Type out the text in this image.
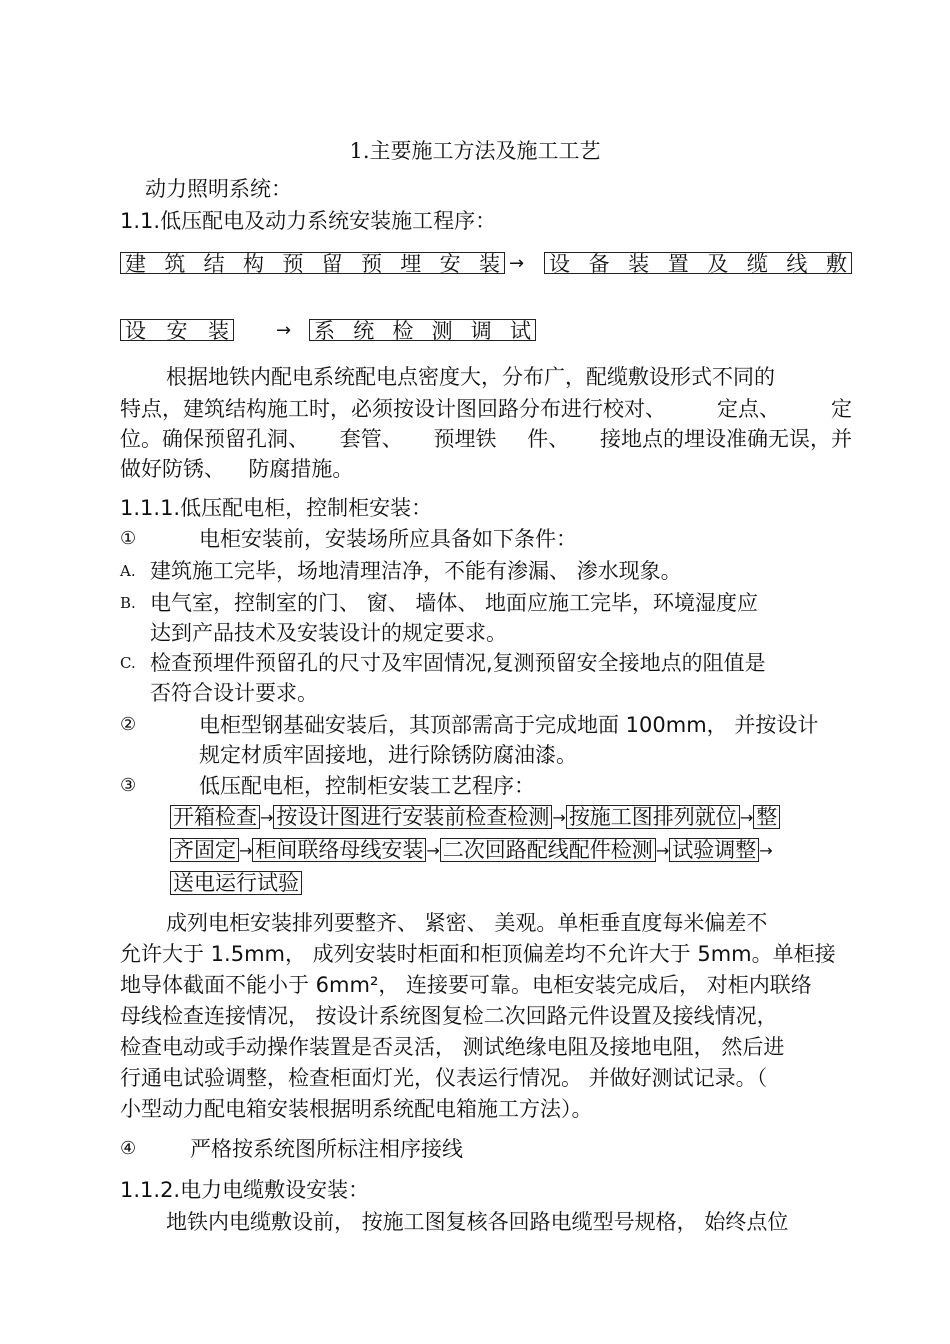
1.主要施工方法及施工工艺
动力照明系统：
1.1.低压配电及动力系统安装施工程序：
建 筑 结 构 预 留 预 埋 安 装 → 设 备 装 置 及 缆 线 敷
设 安 装	→ 系 统 检 测 调 试
根据地铁内配电系统配电点密度大，分布广，配缆敷设形式不同的
特点，建筑结构施工时，必须按设计图回路分布进行校对、 定点、 定
位。确保预留孔洞、 套管、 预埋铁 件、 接地点的埋设准确无误，并
做好防锈、 防腐措施。
1.1.1.低压配电柜，控制柜安装：
①	电柜安装前，安装场所应具备如下条件：
A. 建筑施工完毕，场地清理洁净，不能有渗漏、 渗水现象。
B. 电气室，控制室的门、 窗、 墙体、 地面应施工完毕，环境湿度应
达到产品技术及安装设计的规定要求。
C. 检查预埋件预留孔的尺寸及牢固情况,复测预留安全接地点的阻值是
否符合设计要求。
②	电柜型钢基础安装后，其顶部需高于完成地面 100mm， 并按设计
规定材质牢固接地，进行除锈防腐油漆。
③	低压配电柜，控制柜安装工艺程序：
开箱检查 → 按设计图进行安装前检查检测 → 按施工图排列就位 → 整
齐固定 → 柜间联络母线安装 → 二次回路配线配件检测 → 试验调整 →
送电运行试验
成列电柜安装排列要整齐、 紧密、 美观。单柜垂直度每米偏差不
允许大于 1.5mm， 成列安装时柜面和柜顶偏差均不允许大于 5mm。单柜接
地导体截面不能小于 6mm²， 连接要可靠。电柜安装完成后， 对柜内联络
母线检查连接情况， 按设计系统图复检二次回路元件设置及接线情况，
检查电动或手动操作装置是否灵活， 测试绝缘电阻及接地电阻， 然后进
行通电试验调整，检查柜面灯光，仪表运行情况。 并做好测试记录。（
小型动力配电箱安装根据明系统配电箱施工方法）。
④	严格按系统图所标注相序接线
1.1.2.电力电缆敷设安装：
地铁内电缆敷设前， 按施工图复核各回路电缆型号规格， 始终点位
